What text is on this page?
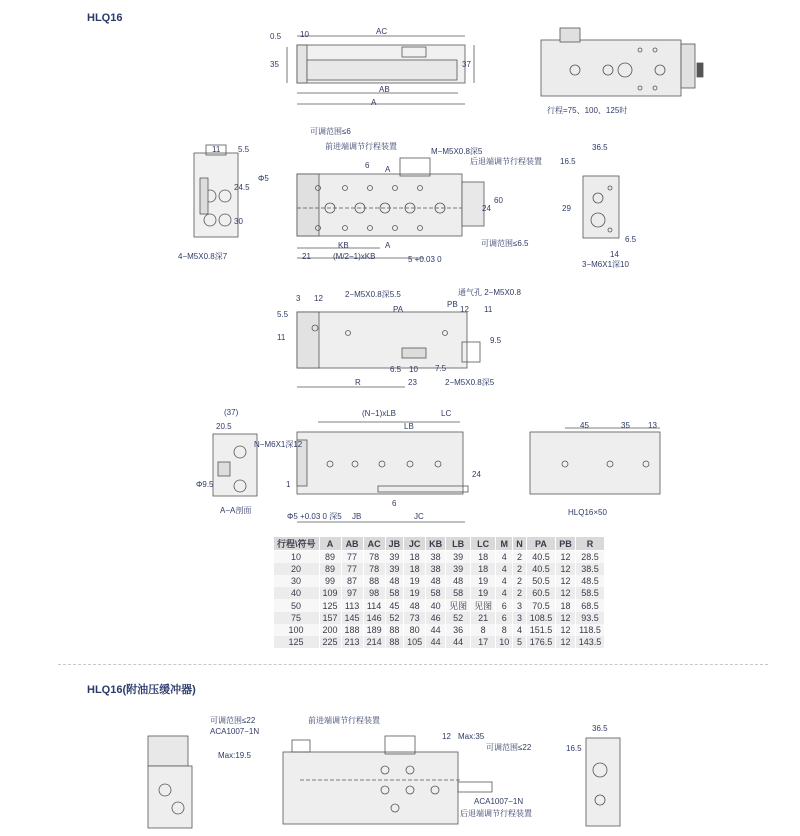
HLQ16
HLQ16(附油压缓冲器)
AC
10
0.5
35	37
AB
A
行程=75、100、125时
可调范围≤6
前进端调节行程装置
M−M5X0.8深5
后退端调节行程装置
11 5.5
6 A
24.5
30
Φ5
24
60
KB	A	可调范围≤6.5
21	(M/2−1)xKB	5 +0.03 0
4−M5X0.8深7
36.5
16.5
29
6.5
14
3−M6X1深10
3 12	2−M5X0.8深5.5
PA
通气孔 2−M5X0.8
PB
12 11
5.5
11	9.5
7.5
R
6.5 10
23	2−M5X0.8深5
(37)
20.5
N−M6X1深12
Φ9.5	1
A−A剖面
(N−1)xLB	LC
LB
24
6
JB	JC
Φ5 +0.03 0 深5
45	35 13
HLQ16×50
行程\符号	A	AB	AC	JB	JC	KB	LB	LC	M	N	PA	PB	R
10	89	77	78	39	18	38	39	18	4	2	40.5	12	28.5
20	89	77	78	39	18	38	39	18	4	2	40.5	12	38.5
30	99	87	88	48	19	48	48	19	4	2	50.5	12	48.5
40	109	97	98	58	19	58	58	19	4	2	60.5	12	58.5
50	125	113	114	45	48	40	见图	见图	6	3	70.5	18	68.5
75	157	145	146	52	73	46	52	21	6	3	108.5	12	93.5
100	200	188	189	88	80	44	36	8	8	4	151.5	12	118.5
125	225	213	214	88	105	44	44	17	10	5	176.5	12	143.5
可调范围≤22
ACA1007−1N
Max:19.5
前进端调节行程装置
12 Max:35
可调范围≤22
ACA1007−1N
后退端调节行程装置
36.5
16.5
